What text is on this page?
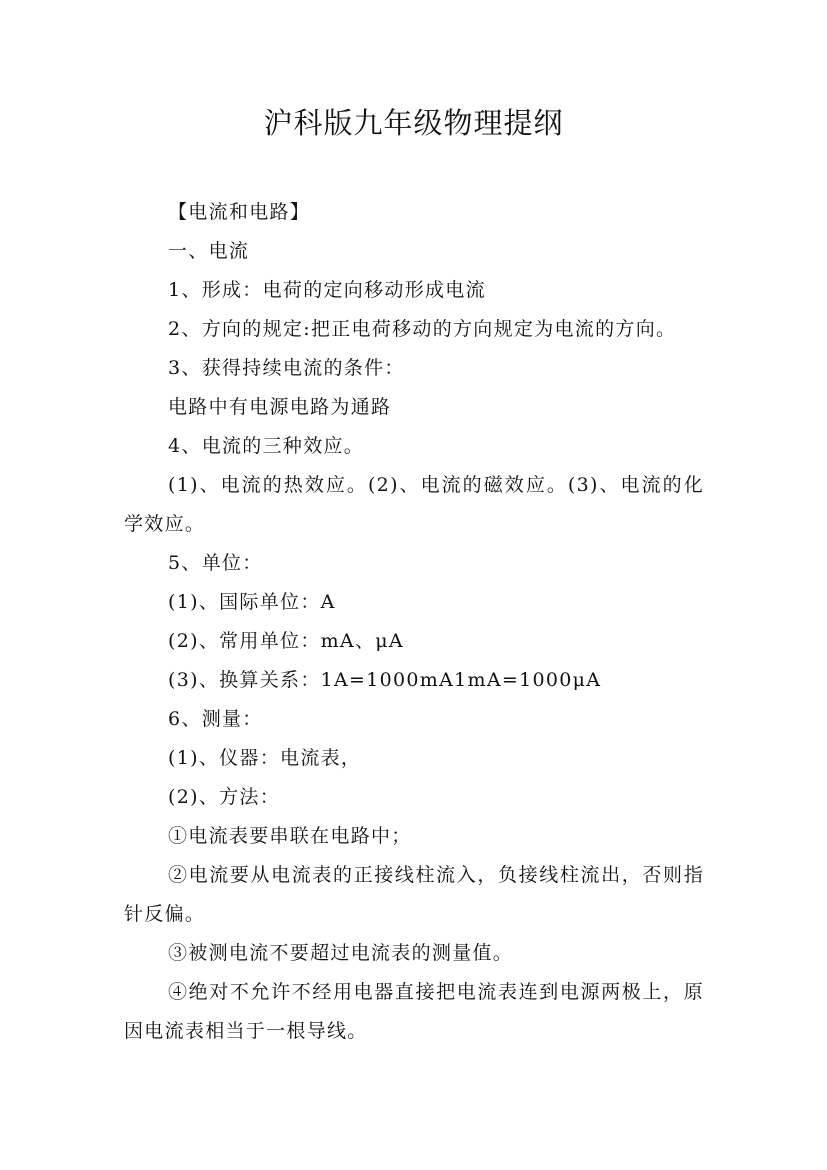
沪科版九年级物理提纲

【电流和电路】

一、电流

1、形成：电荷的定向移动形成电流

2、方向的规定:把正电荷移动的方向规定为电流的方向。

3、获得持续电流的条件：

电路中有电源电路为通路

4、电流的三种效应。

(1)、电流的热效应。(2)、电流的磁效应。(3)、电流的化学效应。

5、单位：

(1)、国际单位：A

(2)、常用单位：mA、μA

(3)、换算关系：1A=1000mA1mA=1000μA

6、测量：

(1)、仪器：电流表，

(2)、方法：

①电流表要串联在电路中；

②电流要从电流表的正接线柱流入，负接线柱流出，否则指针反偏。

③被测电流不要超过电流表的测量值。

④绝对不允许不经用电器直接把电流表连到电源两极上，原因电流表相当于一根导线。
